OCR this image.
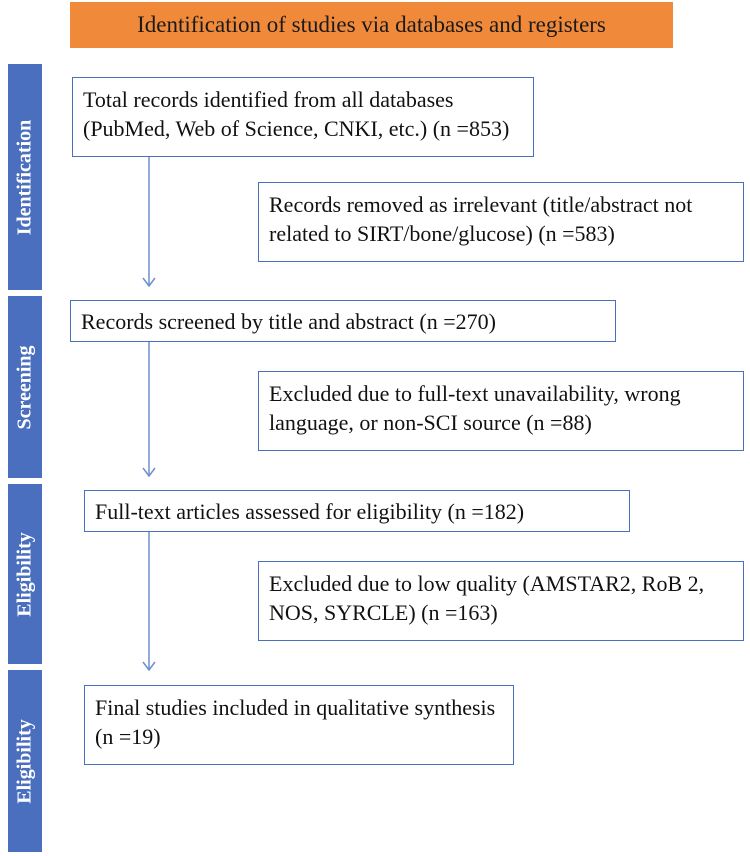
Identification of studies via databases and registers
Identification
Screening
Eligibility
Eligibility
Total records identified from all databases (PubMed, Web of Science, CNKI, etc.) (n =853)
Records removed as irrelevant (title/abstract not related to SIRT/bone/glucose) (n =583)
Records screened by title and abstract (n =270)
Excluded due to full-text unavailability, wrong language, or non-SCI source (n =88)
Full-text articles assessed for eligibility (n =182)
Excluded due to low quality (AMSTAR2, RoB 2, NOS, SYRCLE) (n =163)
Final studies included in qualitative synthesis (n =19)
